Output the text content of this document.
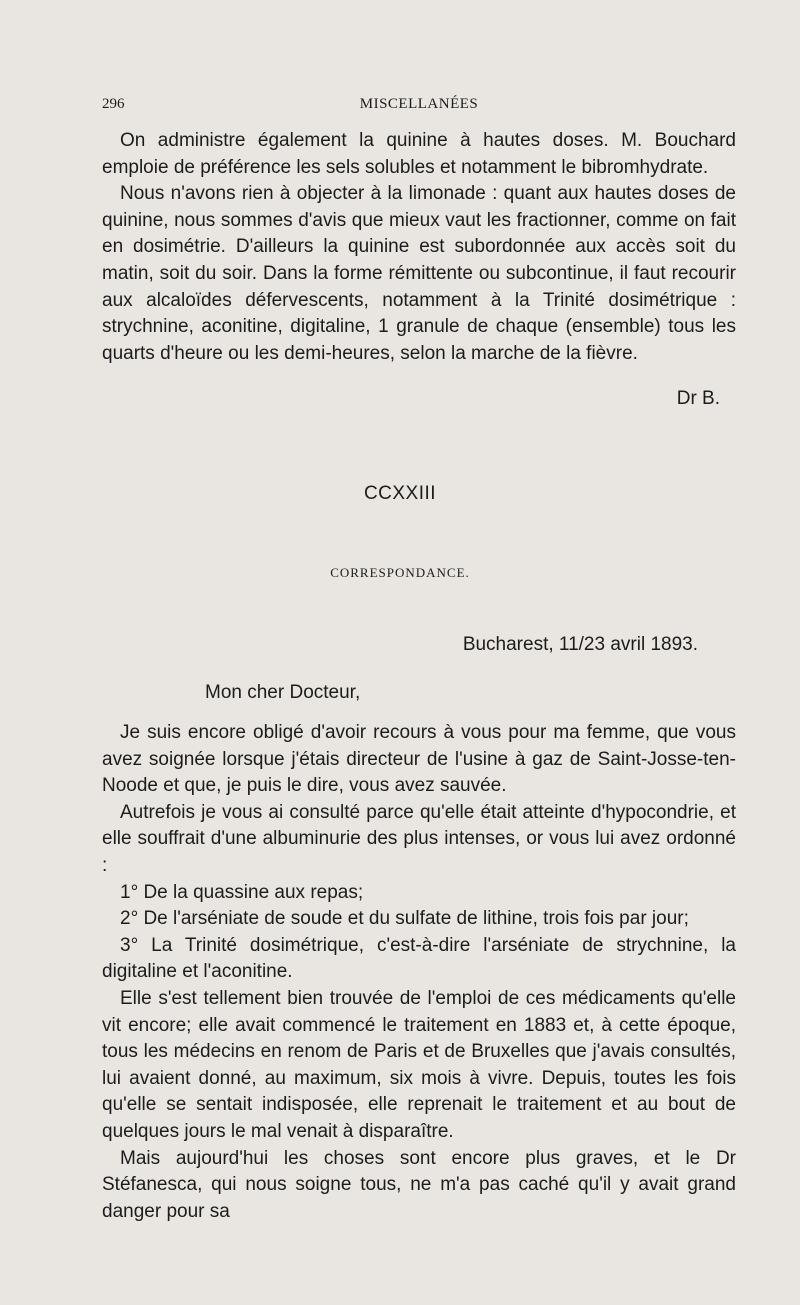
296	MISCELLANÉES

On administre également la quinine à hautes doses. M. Bouchard emploie de préférence les sels solubles et notamment le bibromhydrate.

Nous n'avons rien à objecter à la limonade : quant aux hautes doses de quinine, nous sommes d'avis que mieux vaut les fractionner, comme on fait en dosimétrie. D'ailleurs la quinine est subordonnée aux accès soit du matin, soit du soir. Dans la forme rémittente ou subcontinue, il faut recourir aux alcaloïdes défervescents, notamment à la Trinité dosimétrique : strychnine, aconitine, digitaline, 1 granule de chaque (ensemble) tous les quarts d'heure ou les demi-heures, selon la marche de la fièvre.

Dr B.
CCXXIII
CORRESPONDANCE.
Bucharest, 11/23 avril 1893.
Mon cher Docteur,

Je suis encore obligé d'avoir recours à vous pour ma femme, que vous avez soignée lorsque j'étais directeur de l'usine à gaz de Saint-Josse-ten-Noode et que, je puis le dire, vous avez sauvée.

Autrefois je vous ai consulté parce qu'elle était atteinte d'hypocondrie, et elle souffrait d'une albuminurie des plus intenses, or vous lui avez ordonné :

1° De la quassine aux repas;

2° De l'arséniate de soude et du sulfate de lithine, trois fois par jour;

3° La Trinité dosimétrique, c'est-à-dire l'arséniate de strychnine, la digitaline et l'aconitine.

Elle s'est tellement bien trouvée de l'emploi de ces médicaments qu'elle vit encore; elle avait commencé le traitement en 1883 et, à cette époque, tous les médecins en renom de Paris et de Bruxelles que j'avais consultés, lui avaient donné, au maximum, six mois à vivre. Depuis, toutes les fois qu'elle se sentait indisposée, elle reprenait le traitement et au bout de quelques jours le mal venait à disparaître.

Mais aujourd'hui les choses sont encore plus graves, et le Dr Stéfanesca, qui nous soigne tous, ne m'a pas caché qu'il y avait grand danger pour sa
